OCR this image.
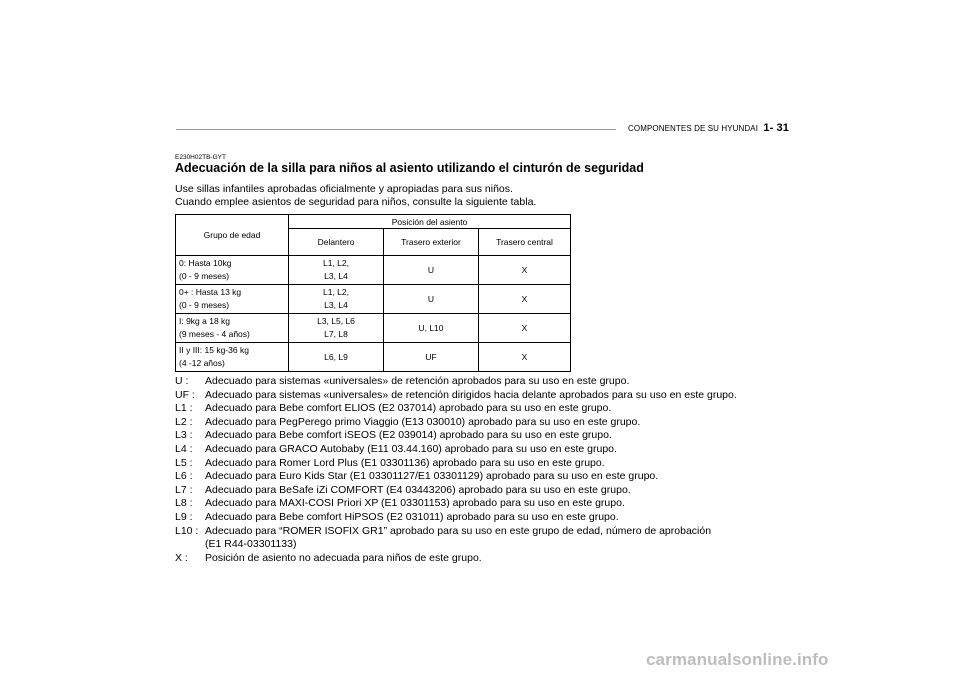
COMPONENTES DE SU HYUNDAI 1- 31
E230H02TB-GYT
Adecuación de la silla para niños al asiento utilizando el cinturón de seguridad
Use sillas infantiles aprobadas oficialmente y apropiadas para sus niños.
Cuando emplee asientos de seguridad para niños, consulte la siguiente tabla.
Grupo de edad	Posición del asiento		
	Delantero	Trasero exterior	Trasero central

0: Hasta 10kg
(0 - 9 meses)	L1, L2,
L3, L4	U	X

0+ : Hasta 13 kg
(0 - 9 meses)	L1, L2,
L3, L4	U	X

I: 9kg a 18 kg
(9 meses - 4 años)	L3, L5, L6
L7, L8	U, L10	X

II y III: 15 kg-36 kg
(4 -12 años)	L6, L9	UF	X
U :	Adecuado para sistemas «universales» de retención aprobados para su uso en este grupo.
UF : Adecuado para sistemas «universales» de retención dirigidos hacia delante aprobados para su uso en este grupo.
L1 :	Adecuado para Bebe comfort ELIOS (E2 037014) aprobado para su uso en este grupo.
L2 :	Adecuado para PegPerego primo Viaggio (E13 030010) aprobado para su uso en este grupo.
L3 :	Adecuado para Bebe comfort iSEOS (E2 039014) aprobado para su uso en este grupo.
L4 :	Adecuado para GRACO Autobaby (E11 03.44.160) aprobado para su uso en este grupo.
L5 :	Adecuado para Romer Lord Plus (E1 03301136) aprobado para su uso en este grupo.
L6 :	Adecuado para Euro Kids Star (E1 03301127/E1 03301129) aprobado para su uso en este grupo.
L7 :	Adecuado para BeSafe iZi COMFORT (E4 03443206) aprobado para su uso en este grupo.
L8 :	Adecuado para MAXI-COSI Priori XP (E1 03301153) aprobado para su uso en este grupo.
L9 :	Adecuado para Bebe comfort HiPSOS (E2 031011) aprobado para su uso en este grupo.
L10 : Adecuado para “ROMER ISOFIX GR1” aprobado para su uso en este grupo de edad, número de aprobación
(E1 R44-03301133)
X :	Posición de asiento no adecuada para niños de este grupo.
carmanualsonline.info
